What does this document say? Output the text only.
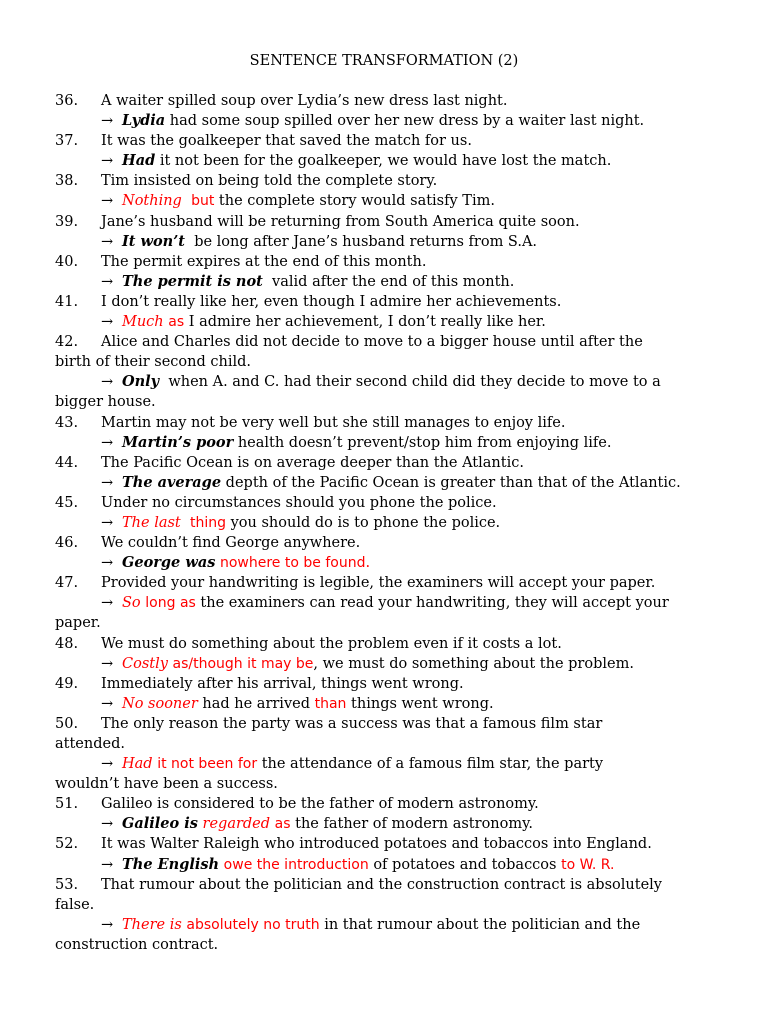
SENTENCE TRANSFORMATION (2)
36. A waiter spilled soup over Lydia’s new dress last night.
→ Lydia had some soup spilled over her new dress by a waiter last night.
37. It was the goalkeeper that saved the match for us.
→ Had it not been for the goalkeeper, we would have lost the match.
38. Tim insisted on being told the complete story.
→ Nothing but the complete story would satisfy Tim.
39. Jane’s husband will be returning from South America quite soon.
→ It won’t  be long after Jane’s husband returns from S.A.
40. The permit expires at the end of this month.
→ The permit is not  valid after the end of this month.
41. I don’t really like her, even though I admire her achievements.
→ Much as I admire her achievement, I don’t really like her.
42. Alice and Charles did not decide to move to a bigger house until after the
birth of their second child.
→ Only  when A. and C. had their second child did they decide to move to a
bigger house.
43. Martin may not be very well but she still manages to enjoy life.
→ Martin’s poor health doesn’t prevent/stop him from enjoying life.
44. The Pacific Ocean is on average deeper than the Atlantic.
→ The average depth of the Pacific Ocean is greater than that of the Atlantic.
45. Under no circumstances should you phone the police.
→ The last thing you should do is to phone the police.
46. We couldn’t find George anywhere.
→ George was nowhere to be found.
47. Provided your handwriting is legible, the examiners will accept your paper.
→ So long as the examiners can read your handwriting, they will accept your
paper.
48. We must do something about the problem even if it costs a lot.
→ Costly as/though it may be, we must do something about the problem.
49. Immediately after his arrival, things went wrong.
→ No sooner had he arrived than things went wrong.
50. The only reason the party was a success was that a famous film star
attended.
→ Had it not been for the attendance of a famous film star, the party
wouldn’t have been a success.
51. Galileo is considered to be the father of modern astronomy.
→ Galileo is regarded as the father of modern astronomy.
52. It was Walter Raleigh who introduced potatoes and tobaccos into England.
→ The English owe the introduction of potatoes and tobaccos to W. R.
53. That rumour about the politician and the construction contract is absolutely
false.
→ There is absolutely no truth in that rumour about the politician and the
construction contract.
